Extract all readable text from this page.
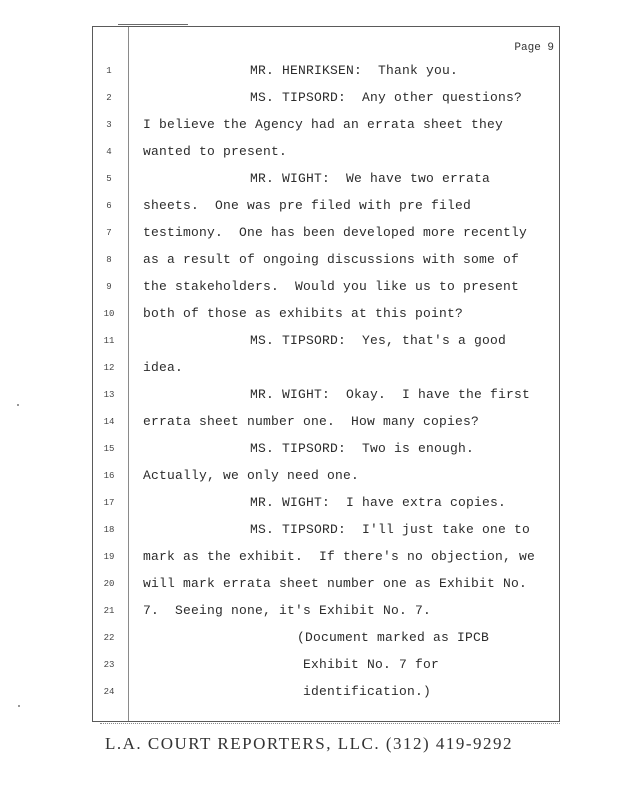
Page 9
1	MR. HENRIKSEN:  Thank you.
2	MS. TIPSORD:  Any other questions?
3	I believe the Agency had an errata sheet they
4	wanted to present.
5	MR. WIGHT:  We have two errata
6	sheets.  One was pre filed with pre filed
7	testimony.  One has been developed more recently
8	as a result of ongoing discussions with some of
9	the stakeholders.  Would you like us to present
10	both of those as exhibits at this point?
11	MS. TIPSORD:  Yes, that's a good
12	idea.
13	MR. WIGHT:  Okay.  I have the first
14	errata sheet number one.  How many copies?
15	MS. TIPSORD:  Two is enough.
16	Actually, we only need one.
17	MR. WIGHT:  I have extra copies.
18	MS. TIPSORD:  I'll just take one to
19	mark as the exhibit.  If there's no objection, we
20	will mark errata sheet number one as Exhibit No.
21	7.  Seeing none, it's Exhibit No. 7.
22	(Document marked as IPCB
23	Exhibit No. 7 for
24	identification.)
L.A. COURT REPORTERS, LLC. (312) 419-9292
